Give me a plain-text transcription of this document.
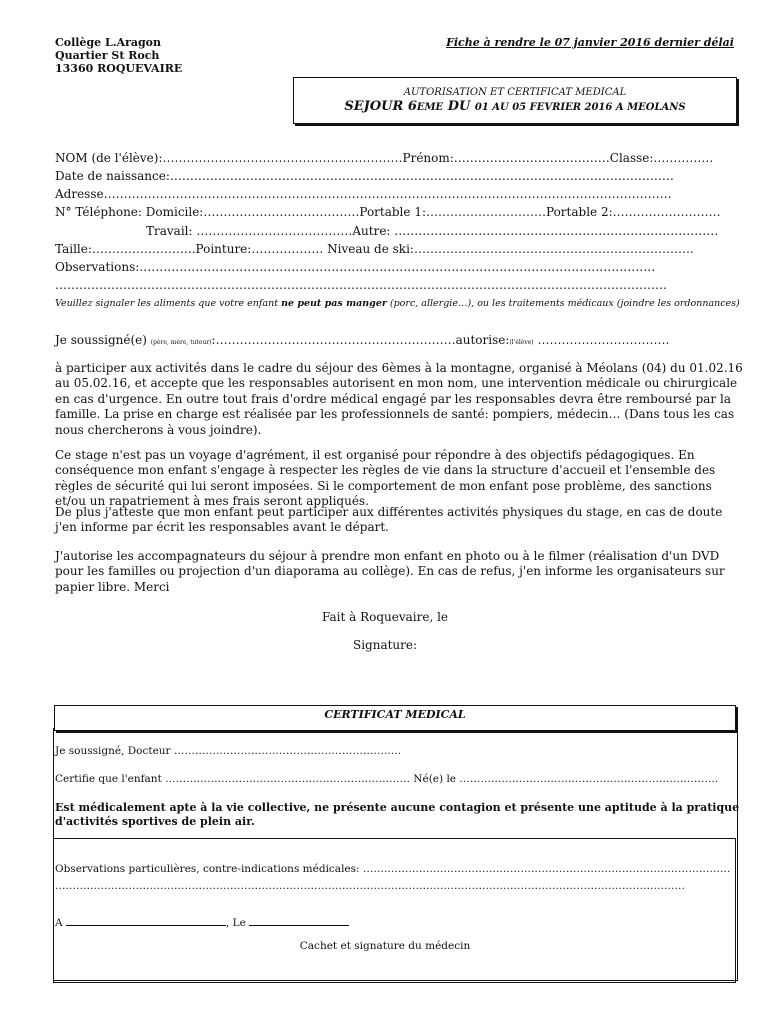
Collège L.Aragon
Quartier St Roch
13360 ROQUEVAIRE
Fiche à rendre le 07 janvier 2016 dernier délai
AUTORISATION ET CERTIFICAT MEDICAL
SEJOUR 6EME DU 01 AU 05 FEVRIER 2016 A MEOLANS
NOM (de l'élève):……………………………………………………Prénom:…………………………………Classe:……………
Date de naissance:………………………………………………………………………………………………………………
Adresse…………………………………………………………………………………………………………………………….
N° Téléphone: Domicile:…………………………………Portable 1:…………………………Portable 2:………………………
Travail: …………………………………Autre: ………………………………………………………………………
Taille:……………………..Pointure:……………… Niveau de ski:…………………………………………………………….
Observations:…………………………………………………………………………………………………………………
………………………………………………………………………………………………………………………………………
Veuillez signaler les aliments que votre enfant ne peut pas manger (porc, allergie…), ou les traitements médicaux (joindre les ordonnances)
Je soussigné(e) (père, mère, tuteur):……………………………………………………autorise:(l'élève) ……………………………
à participer aux activités dans le cadre du séjour des 6èmes à la montagne, organisé à Méolans (04) du 01.02.16 au 05.02.16, et accepte que les responsables autorisent en mon nom, une intervention médicale ou chirurgicale en cas d'urgence. En outre tout frais d'ordre médical engagé par les responsables devra être remboursé par la famille. La prise en charge est réalisée par les professionnels de santé: pompiers, médecin… (Dans tous les cas nous chercherons à vous joindre).
Ce stage n'est pas un voyage d'agrément, il est organisé pour répondre à des objectifs pédagogiques. En conséquence mon enfant s'engage à respecter les règles de vie dans la structure d'accueil et l'ensemble des règles de sécurité qui lui seront imposées. Si le comportement de mon enfant pose problème, des sanctions et/ou un rapatriement à mes frais seront appliqués.
De plus j'atteste que mon enfant peut participer aux différentes activités physiques du stage, en cas de doute j'en informe par écrit les responsables avant le départ.
J'autorise les accompagnateurs du séjour à prendre mon enfant en photo ou à le filmer (réalisation d'un DVD pour les familles ou projection d'un diaporama au collège). En cas de refus, j'en informe les organisateurs sur papier libre. Merci
Fait à Roquevaire, le
Signature:
CERTIFICAT MEDICAL
Je soussigné, Docteur ………………………………………………………..
Certifie que l'enfant ……………………………………………………………. Né(e) le ………………………………………………………………..
Est médicalement apte à la vie collective, ne présente aucune contagion et présente une aptitude à la pratique d'activités sportives de plein air.
Observations particulières, contre-indications médicales: ……………………………………………………………………………………………
………………………………………………………………………………………………………………………………………………………………
A	, Le
Cachet et signature du médecin
